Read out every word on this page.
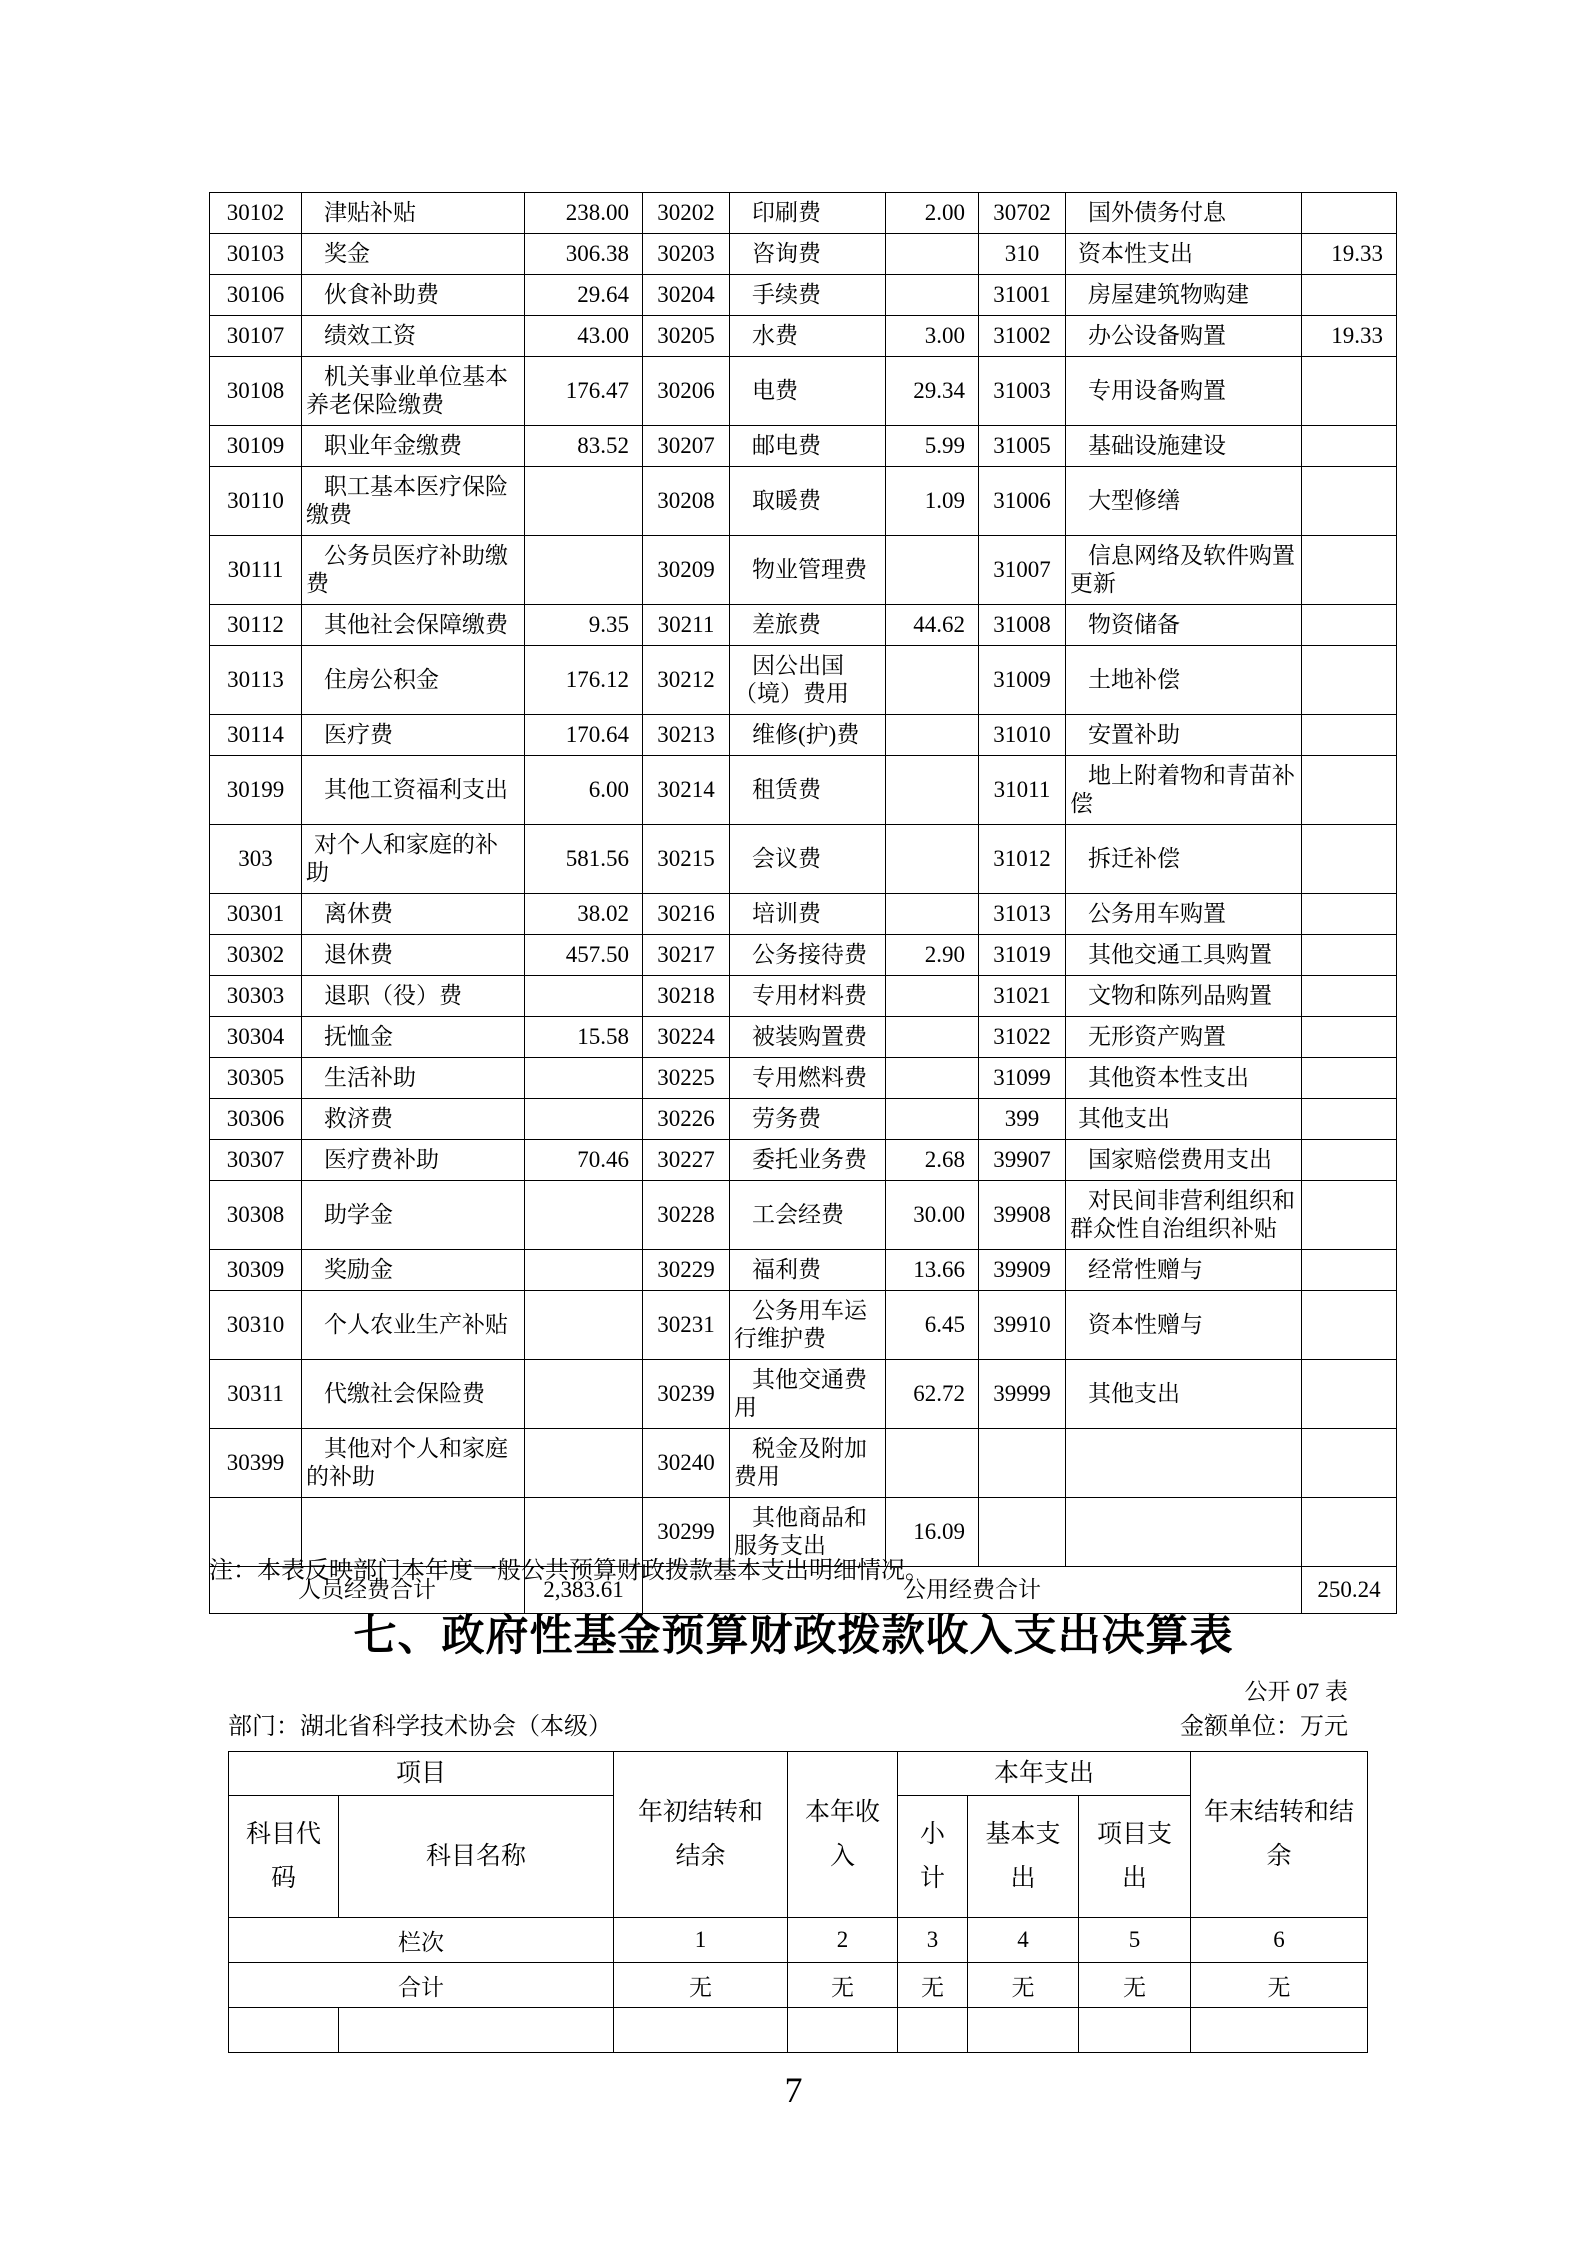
30102	津贴补贴	238.00	30202	印刷费	2.00	30702	国外债务付息	
30103	奖金	306.38	30203	咨询费		310	资本性支出	19.33
30106	伙食补助费	29.64	30204	手续费		31001	房屋建筑物购建	
30107	绩效工资	43.00	30205	水费	3.00	31002	办公设备购置	19.33
30108	机关事业单位基本养老保险缴费	176.47	30206	电费	29.34	31003	专用设备购置	
30109	职业年金缴费	83.52	30207	邮电费	5.99	31005	基础设施建设	
30110	职工基本医疗保险缴费		30208	取暖费	1.09	31006	大型修缮	
30111	公务员医疗补助缴费		30209	物业管理费		31007	信息网络及软件购置更新	
30112	其他社会保障缴费	9.35	30211	差旅费	44.62	31008	物资储备	
30113	住房公积金	176.12	30212	因公出国（境）费用		31009	土地补偿	
30114	医疗费	170.64	30213	维修(护)费		31010	安置补助	
30199	其他工资福利支出	6.00	30214	租赁费		31011	地上附着物和青苗补偿	
303	对个人和家庭的补助	581.56	30215	会议费		31012	拆迁补偿	
30301	离休费	38.02	30216	培训费		31013	公务用车购置	
30302	退休费	457.50	30217	公务接待费	2.90	31019	其他交通工具购置	
30303	退职（役）费		30218	专用材料费		31021	文物和陈列品购置	
30304	抚恤金	15.58	30224	被装购置费		31022	无形资产购置	
30305	生活补助		30225	专用燃料费		31099	其他资本性支出	
30306	救济费		30226	劳务费		399	其他支出	
30307	医疗费补助	70.46	30227	委托业务费	2.68	39907	国家赔偿费用支出	
30308	助学金		30228	工会经费	30.00	39908	对民间非营利组织和群众性自治组织补贴	
30309	奖励金		30229	福利费	13.66	39909	经常性赠与	
30310	个人农业生产补贴		30231	公务用车运行维护费	6.45	39910	资本性赠与	
30311	代缴社会保险费		30239	其他交通费用	62.72	39999	其他支出	
30399	其他对个人和家庭的补助		30240	税金及附加费用				
			30299	其他商品和服务支出	16.09			
人员经费合计		2,383.61	公用经费合计					250.24
注：本表反映部门本年度一般公共预算财政拨款基本支出明细情况。
七、政府性基金预算财政拨款收入支出决算表
公开 07 表
部门：湖北省科学技术协会（本级）	金额单位：万元
项目		年初结转和结余	本年收入	本年支出			年末结转和结余
科目代码	科目名称			小计	基本支出	项目支出	
栏次		1	2	3	4	5	6
合计		无	无	无	无	无	无

7
